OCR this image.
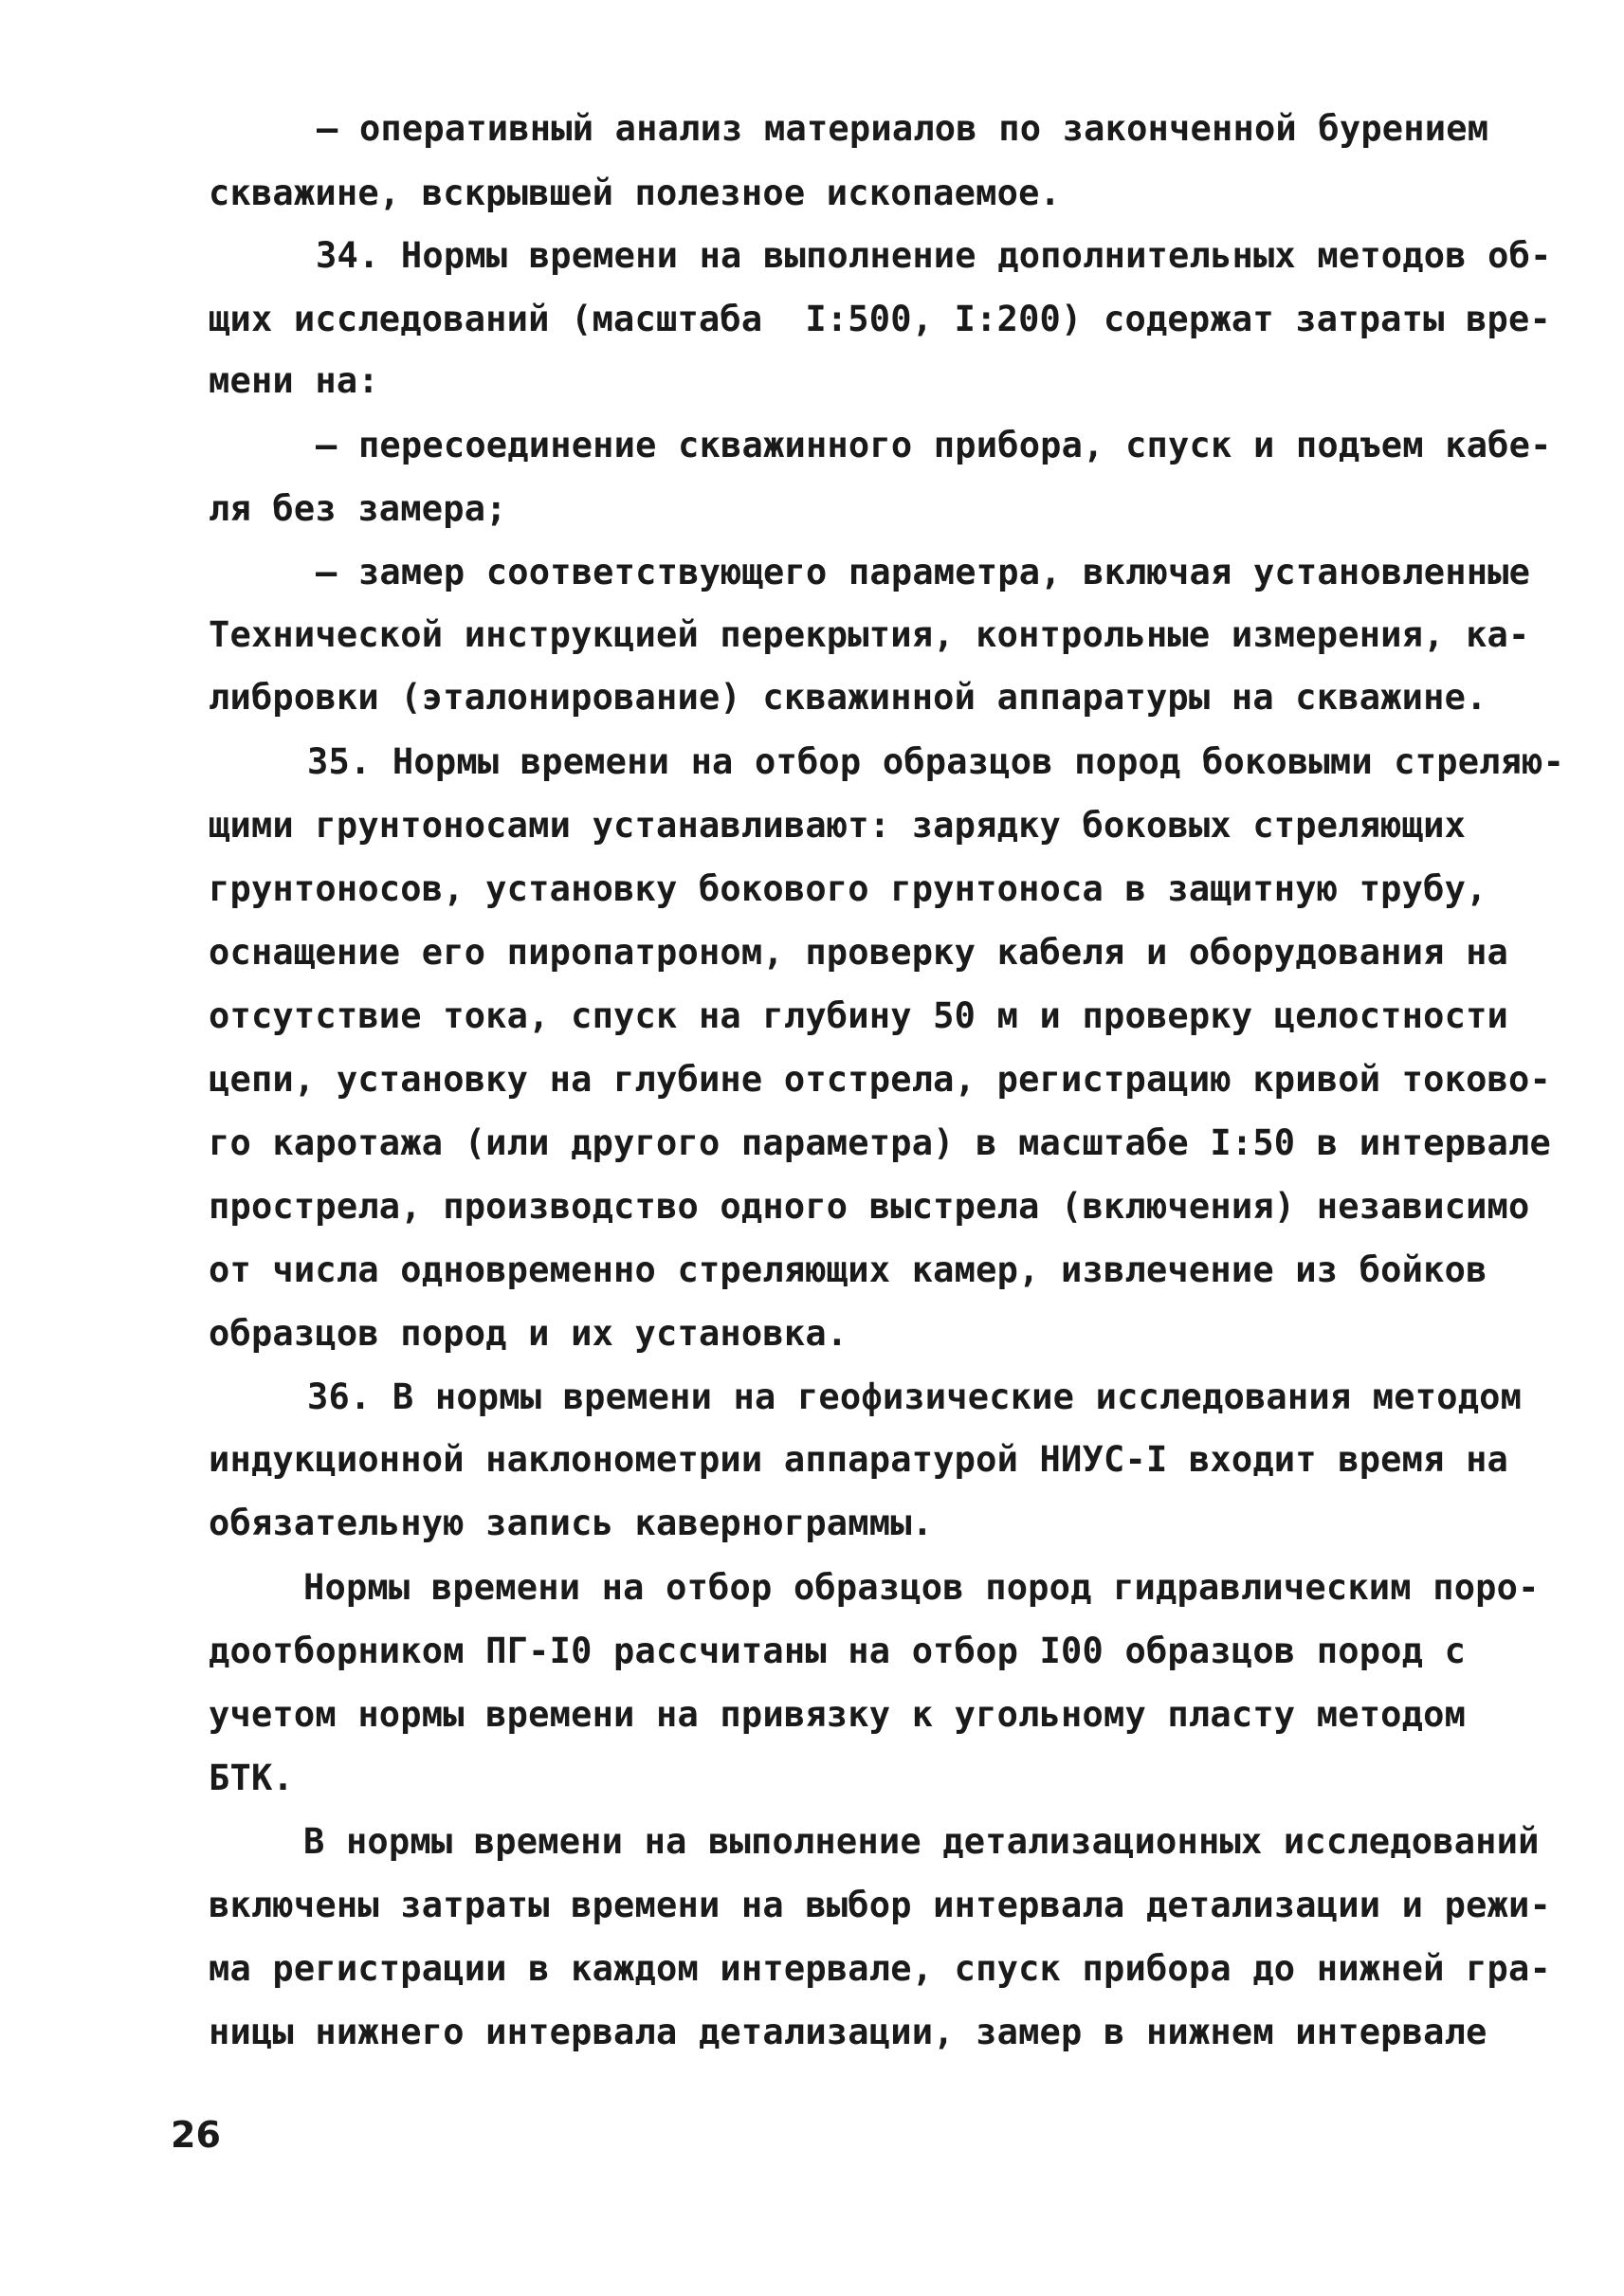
– оперативный анализ материалов по законченной бурением
скважине, вскрывшей полезное ископаемое.
34. Нормы времени на выполнение дополнительных методов об-
щих исследований (масштаба  I:500, I:200) содержат затраты вре-
мени на:
– пересоединение скважинного прибора, спуск и подъем кабе-
ля без замера;
– замер соответствующего параметра, включая установленные
Технической инструкцией перекрытия, контрольные измерения, ка-
либровки (эталонирование) скважинной аппаратуры на скважине.
35. Нормы времени на отбор образцов пород боковыми стреляю-
щими грунтоносами устанавливают: зарядку боковых стреляющих
грунтоносов, установку бокового грунтоноса в защитную трубу,
оснащение его пиропатроном, проверку кабеля и оборудования на
отсутствие тока, спуск на глубину 50 м и проверку целостности
цепи, установку на глубине отстрела, регистрацию кривой токово-
го каротажа (или другого параметра) в масштабе I:50 в интервале
прострела, производство одного выстрела (включения) независимо
от числа одновременно стреляющих камер, извлечение из бойков
образцов пород и их установка.
36. В нормы времени на геофизические исследования методом
индукционной наклонометрии аппаратурой НИУС-I входит время на
обязательную запись кавернограммы.
Нормы времени на отбор образцов пород гидравлическим поро-
доотборником ПГ-I0 рассчитаны на отбор I00 образцов пород с
учетом нормы времени на привязку к угольному пласту методом
БТК.
В нормы времени на выполнение детализационных исследований
включены затраты времени на выбор интервала детализации и режи-
ма регистрации в каждом интервале, спуск прибора до нижней гра-
ницы нижнего интервала детализации, замер в нижнем интервале
26
